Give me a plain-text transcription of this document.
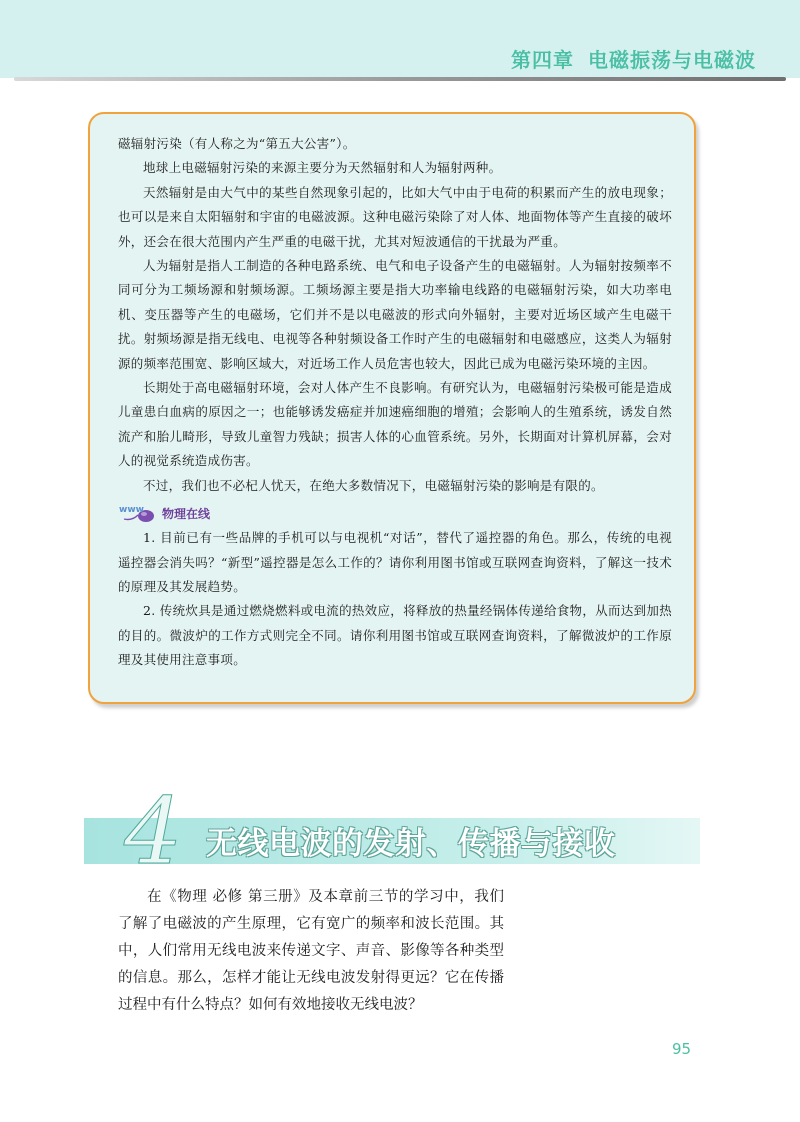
第四章 电磁振荡与电磁波

磁辐射污染（有人称之为“第五大公害”）。

地球上电磁辐射污染的来源主要分为天然辐射和人为辐射两种。

天然辐射是由大气中的某些自然现象引起的，比如大气中由于电荷的积累而产生的放电现象；也可以是来自太阳辐射和宇宙的电磁波源。这种电磁污染除了对人体、地面物体等产生直接的破坏外，还会在很大范围内产生严重的电磁干扰，尤其对短波通信的干扰最为严重。

人为辐射是指人工制造的各种电路系统、电气和电子设备产生的电磁辐射。人为辐射按频率不同可分为工频场源和射频场源。工频场源主要是指大功率输电线路的电磁辐射污染，如大功率电机、变压器等产生的电磁场，它们并不是以电磁波的形式向外辐射，主要对近场区域产生电磁干扰。射频场源是指无线电、电视等各种射频设备工作时产生的电磁辐射和电磁感应，这类人为辐射源的频率范围宽、影响区域大，对近场工作人员危害也较大，因此已成为电磁污染环境的主因。

长期处于高电磁辐射环境，会对人体产生不良影响。有研究认为，电磁辐射污染极可能是造成儿童患白血病的原因之一；也能够诱发癌症并加速癌细胞的增殖；会影响人的生殖系统，诱发自然流产和胎儿畸形，导致儿童智力残缺；损害人体的心血管系统。另外，长期面对计算机屏幕，会对人的视觉系统造成伤害。

不过，我们也不必杞人忧天，在绝大多数情况下，电磁辐射污染的影响是有限的。

www 物理在线

1. 目前已有一些品牌的手机可以与电视机“对话”，替代了遥控器的角色。那么，传统的电视遥控器会消失吗？“新型”遥控器是怎么工作的？请你利用图书馆或互联网查询资料，了解这一技术的原理及其发展趋势。

2. 传统炊具是通过燃烧燃料或电流的热效应，将释放的热量经锅体传递给食物，从而达到加热的目的。微波炉的工作方式则完全不同。请你利用图书馆或互联网查询资料，了解微波炉的工作原理及其使用注意事项。

4 无线电波的发射、传播与接收

在《物理 必修 第三册》及本章前三节的学习中，我们了解了电磁波的产生原理，它有宽广的频率和波长范围。其中，人们常用无线电波来传递文字、声音、影像等各种类型的信息。那么，怎样才能让无线电波发射得更远？它在传播过程中有什么特点？如何有效地接收无线电波？

95
